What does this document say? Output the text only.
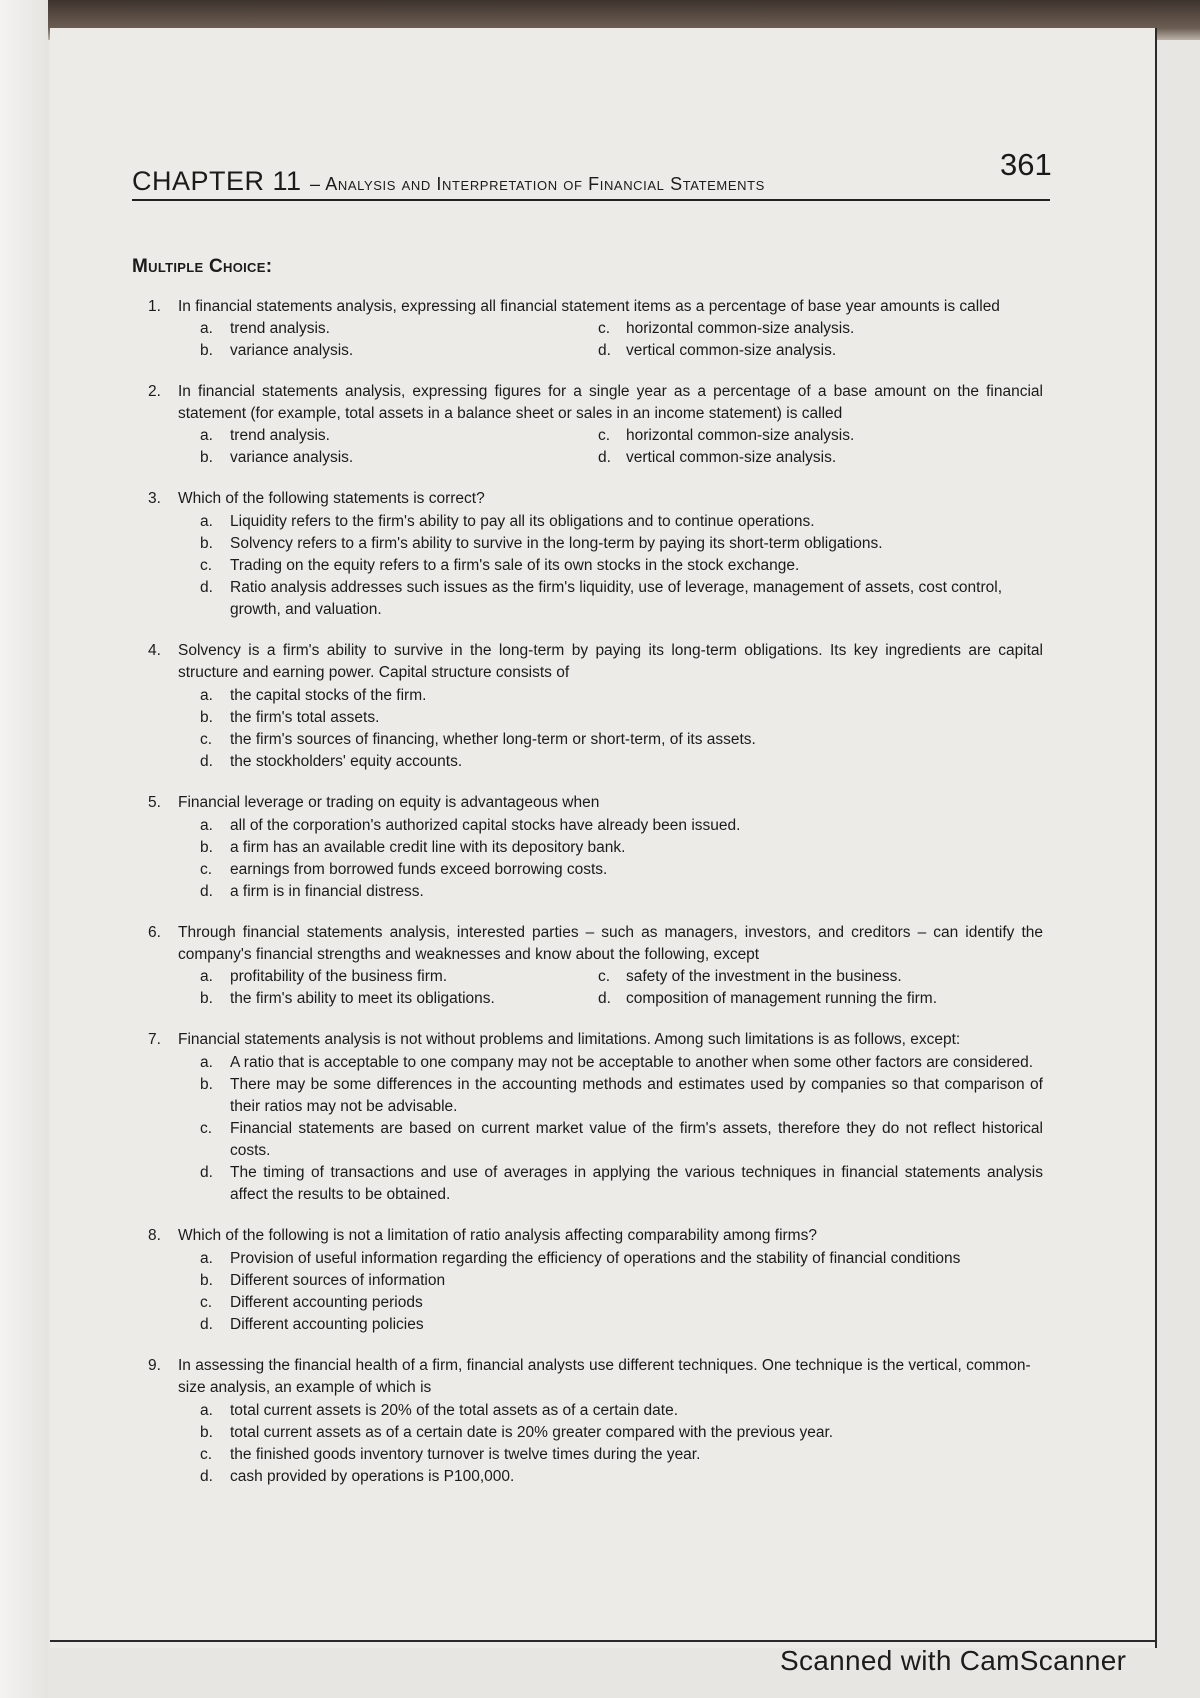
361
CHAPTER 11 – Analysis and Interpretation of Financial Statements
Multiple Choice:
1. In financial statements analysis, expressing all financial statement items as a percentage of base year amounts is called
a. trend analysis.	c. horizontal common-size analysis.
b. variance analysis.	d. vertical common-size analysis.
2. In financial statements analysis, expressing figures for a single year as a percentage of a base amount on the financial statement (for example, total assets in a balance sheet or sales in an income statement) is called
a. trend analysis.	c. horizontal common-size analysis.
b. variance analysis.	d. vertical common-size analysis.
3. Which of the following statements is correct?
a. Liquidity refers to the firm's ability to pay all its obligations and to continue operations.
b. Solvency refers to a firm's ability to survive in the long-term by paying its short-term obligations.
c. Trading on the equity refers to a firm's sale of its own stocks in the stock exchange.
d. Ratio analysis addresses such issues as the firm's liquidity, use of leverage, management of assets, cost control, growth, and valuation.
4. Solvency is a firm's ability to survive in the long-term by paying its long-term obligations. Its key ingredients are capital structure and earning power. Capital structure consists of
a. the capital stocks of the firm.
b. the firm's total assets.
c. the firm's sources of financing, whether long-term or short-term, of its assets.
d. the stockholders' equity accounts.
5. Financial leverage or trading on equity is advantageous when
a. all of the corporation's authorized capital stocks have already been issued.
b. a firm has an available credit line with its depository bank.
c. earnings from borrowed funds exceed borrowing costs.
d. a firm is in financial distress.
6. Through financial statements analysis, interested parties – such as managers, investors, and creditors – can identify the company's financial strengths and weaknesses and know about the following, except
a. profitability of the business firm.	c. safety of the investment in the business.
b. the firm's ability to meet its obligations.	d. composition of management running the firm.
7. Financial statements analysis is not without problems and limitations. Among such limitations is as follows, except:
a. A ratio that is acceptable to one company may not be acceptable to another when some other factors are considered.
b. There may be some differences in the accounting methods and estimates used by companies so that comparison of their ratios may not be advisable.
c. Financial statements are based on current market value of the firm's assets, therefore they do not reflect historical costs.
d. The timing of transactions and use of averages in applying the various techniques in financial statements analysis affect the results to be obtained.
8. Which of the following is not a limitation of ratio analysis affecting comparability among firms?
a. Provision of useful information regarding the efficiency of operations and the stability of financial conditions
b. Different sources of information
c. Different accounting periods
d. Different accounting policies
9. In assessing the financial health of a firm, financial analysts use different techniques. One technique is the vertical, common-size analysis, an example of which is
a. total current assets is 20% of the total assets as of a certain date.
b. total current assets as of a certain date is 20% greater compared with the previous year.
c. the finished goods inventory turnover is twelve times during the year.
d. cash provided by operations is P100,000.
Scanned with CamScanner
